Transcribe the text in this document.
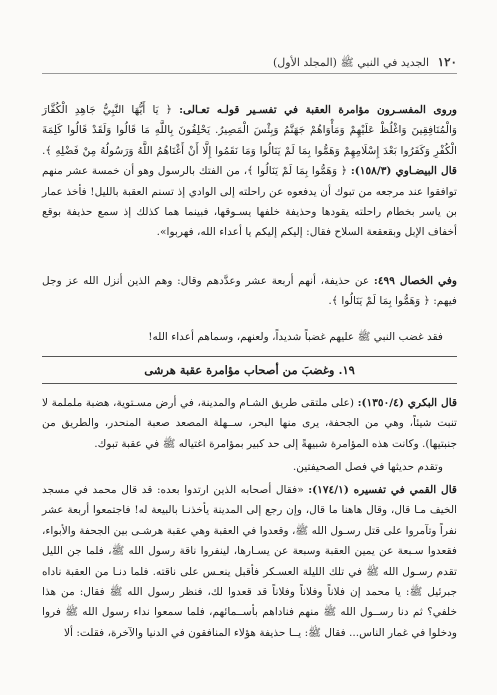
١٢٠
الجديد في النبي ﷺ (المجلد الأول)

وروى المفسـرون مؤامرة العقبة في تفسـير قولـه تعـالى: ﴿ يَا أَيُّهَا النَّبِيُّ جَاهِدِ الْكُفَّارَ وَالْمُنَافِقِينَ وَاغْلُظْ عَلَيْهِمْ وَمَأْوَاهُمْ جَهَنَّمُ وَبِئْسَ الْمَصِيرُ. يَحْلِفُونَ بِاللَّهِ مَا قَالُوا وَلَقَدْ قَالُوا كَلِمَةَ الْكُفْرِ وَكَفَرُوا بَعْدَ إِسْلَامِهِمْ وَهَمُّوا بِمَا لَمْ يَنَالُوا وَمَا نَقَمُوا إِلَّا أَنْ أَغْنَاهُمُ اللَّهُ وَرَسُولُهُ مِنْ فَضْلِهِ ﴾. قال البيضـاوي (١٥٨/٣): ﴿ وَهَمُّوا بِمَا لَمْ يَنَالُوا ﴾، من الفتك بالرسول وهو أن خمسة عشر منهم توافقوا عند مرجعه من تبوك أن يدفعوه عن راحلته إلى الوادي إذ تسنم العقبة بالليل! فأخذ عمار بن ياسر بخطام راحلته يقودها وحذيفة خلفها يسـوقها، فبينما هما كذلك إذ سمع حذيفة بوقع أخفاف الإبل وبقعقعة السلاح فقال: إليكم إليكم يا أعداء الله، فهربوا».

وفي الخصال ٤٩٩: عن حذيفة، أنهم أربعة عشر وعدَّدهم وقال: وهم الذين أنزل الله عز وجل فيهم: ﴿ وَهَمُّوا بِمَا لَمْ يَنَالُوا ﴾.

فقد غضب النبي ﷺ عليهم غضباً شديداً، ولعنهم، وسماهم أعداء الله!

١٩. وغضبَ من أصحاب مؤامرة عقبة هرشى

قال البكري (١٣٥٠/٤): (على ملتقى طريق الشـام والمدينة، في أرض مسـتوية، هضبة ململمة لا تنبت شيئاً، وهي من الجحفة، يرى منها البحر، ســهلة المصعد صعبة المنحدر، والطريق من جنبتيها). وكانت هذه المؤامرة شبيهةً إلى حد كبير بمؤامرة اغتياله ﷺ في عقبة تبوك.

وتقدم حديثها في فصل الصحيفتين.

قال القمي في تفسيره (١٧٤/١): «فقال أصحابه الذين ارتدوا بعده: قد قال محمد في مسجد الخيف مـا قال، وقال هاهنا ما قال، وإن رجع إلى المدينة يأخذنـا بالبيعة له! فاجتمعوا أربعة عشر نفراً وتآمروا على قتل رسـول الله ﷺ، وقعدوا في العقبة وهي عقبة هرشـى بين الجحفة والأبواء، فقعدوا سـبعة عن يمين العقبة وسبعة عن يسـارها، لينفروا ناقة رسول الله ﷺ، فلما جن الليل تقدم رسـول الله ﷺ في تلك الليلة العسـكر فأقبل ينعـس على ناقته. فلما دنـا من العقبة ناداه جبرئيل ﷺ: يا محمد إن فلاناً وفلاناً وفلاناً قد قعدوا لك، فنظر رسول الله ﷺ فقال: من هذا خلفي؟ ثم دنا رســول الله ﷺ منهم فناداهم بأســمائهم، فلما سمعوا نداء رسول الله ﷺ فروا ودخلوا في غمار الناس... فقال ﷺ: يــا حذيفة هؤلاء المنافقون في الدنيا والآخرة، فقلت: ألا
